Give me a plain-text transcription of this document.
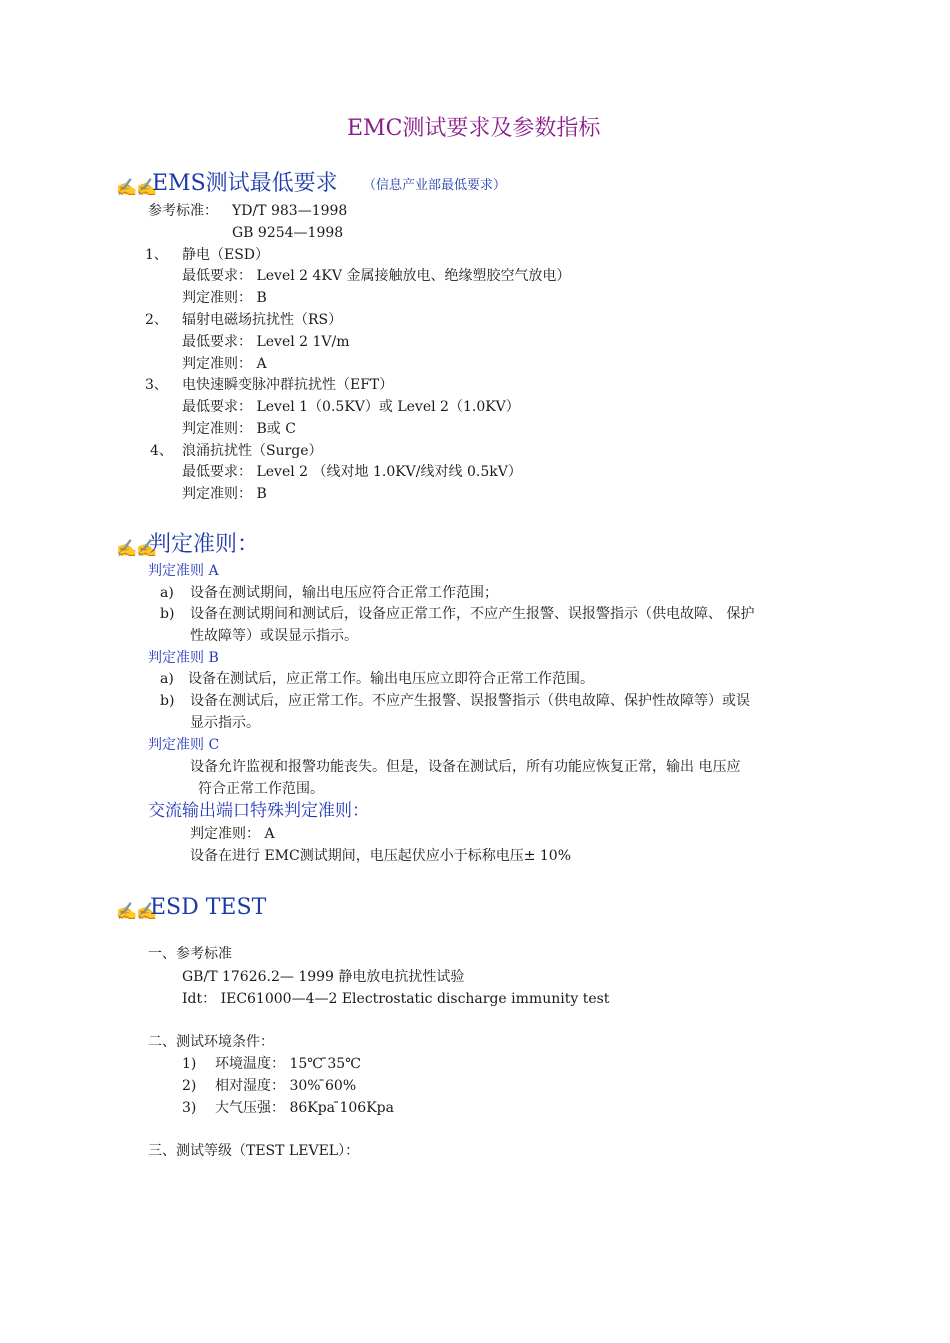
EMC测试要求及参数指标
✍✍
EMS测试最低要求 （信息产业部最低要求）
参考标准： YD/T 983—1998
GB 9254—1998
1、 静电（ESD）
最低要求： Level 2 4KV 金属接触放电、绝缘塑胶空气放电）
判定准则： B
2、 辐射电磁场抗扰性（RS）
最低要求： Level 2 1V/m
判定准则： A
3、 电快速瞬变脉冲群抗扰性（EFT）
最低要求： Level 1（0.5KV）或 Level 2（1.0KV）
判定准则： B或 C
4、 浪涌抗扰性（Surge）
最低要求： Level 2 （线对地 1.0KV/线对线 0.5kV）
判定准则： B
✍✍
判定准则：
判定准则 A
a) 设备在测试期间，输出电压应符合正常工作范围；
b) 设备在测试期间和测试后，设备应正常工作，不应产生报警、误报警指示（供电故障、 保护
性故障等）或误显示指示。
判定准则 B
a) 设备在测试后，应正常工作。输出电压应立即符合正常工作范围。
b) 设备在测试后，应正常工作。不应产生报警、误报警指示（供电故障、保护性故障等）或误
显示指示。
判定准则 C
设备允许监视和报警功能丧失。但是，设备在测试后，所有功能应恢复正常，输出 电压应
符合正常工作范围。
交流输出端口特殊判定准则：
判定准则： A
设备在进行 EMC测试期间，电压起伏应小于标称电压± 10%
✍✍
ESD TEST
一、参考标准
GB/T 17626.2— 1999 静电放电抗扰性试验
Idt： IEC61000—4—2 Electrostatic discharge immunity test
二、测试环境条件：
1) 环境温度： 15℃ ̄35℃
2) 相对湿度： 30% ̄60%
3) 大气压强： 86Kpa ̄106Kpa
三、测试等级（TEST LEVEL）：
